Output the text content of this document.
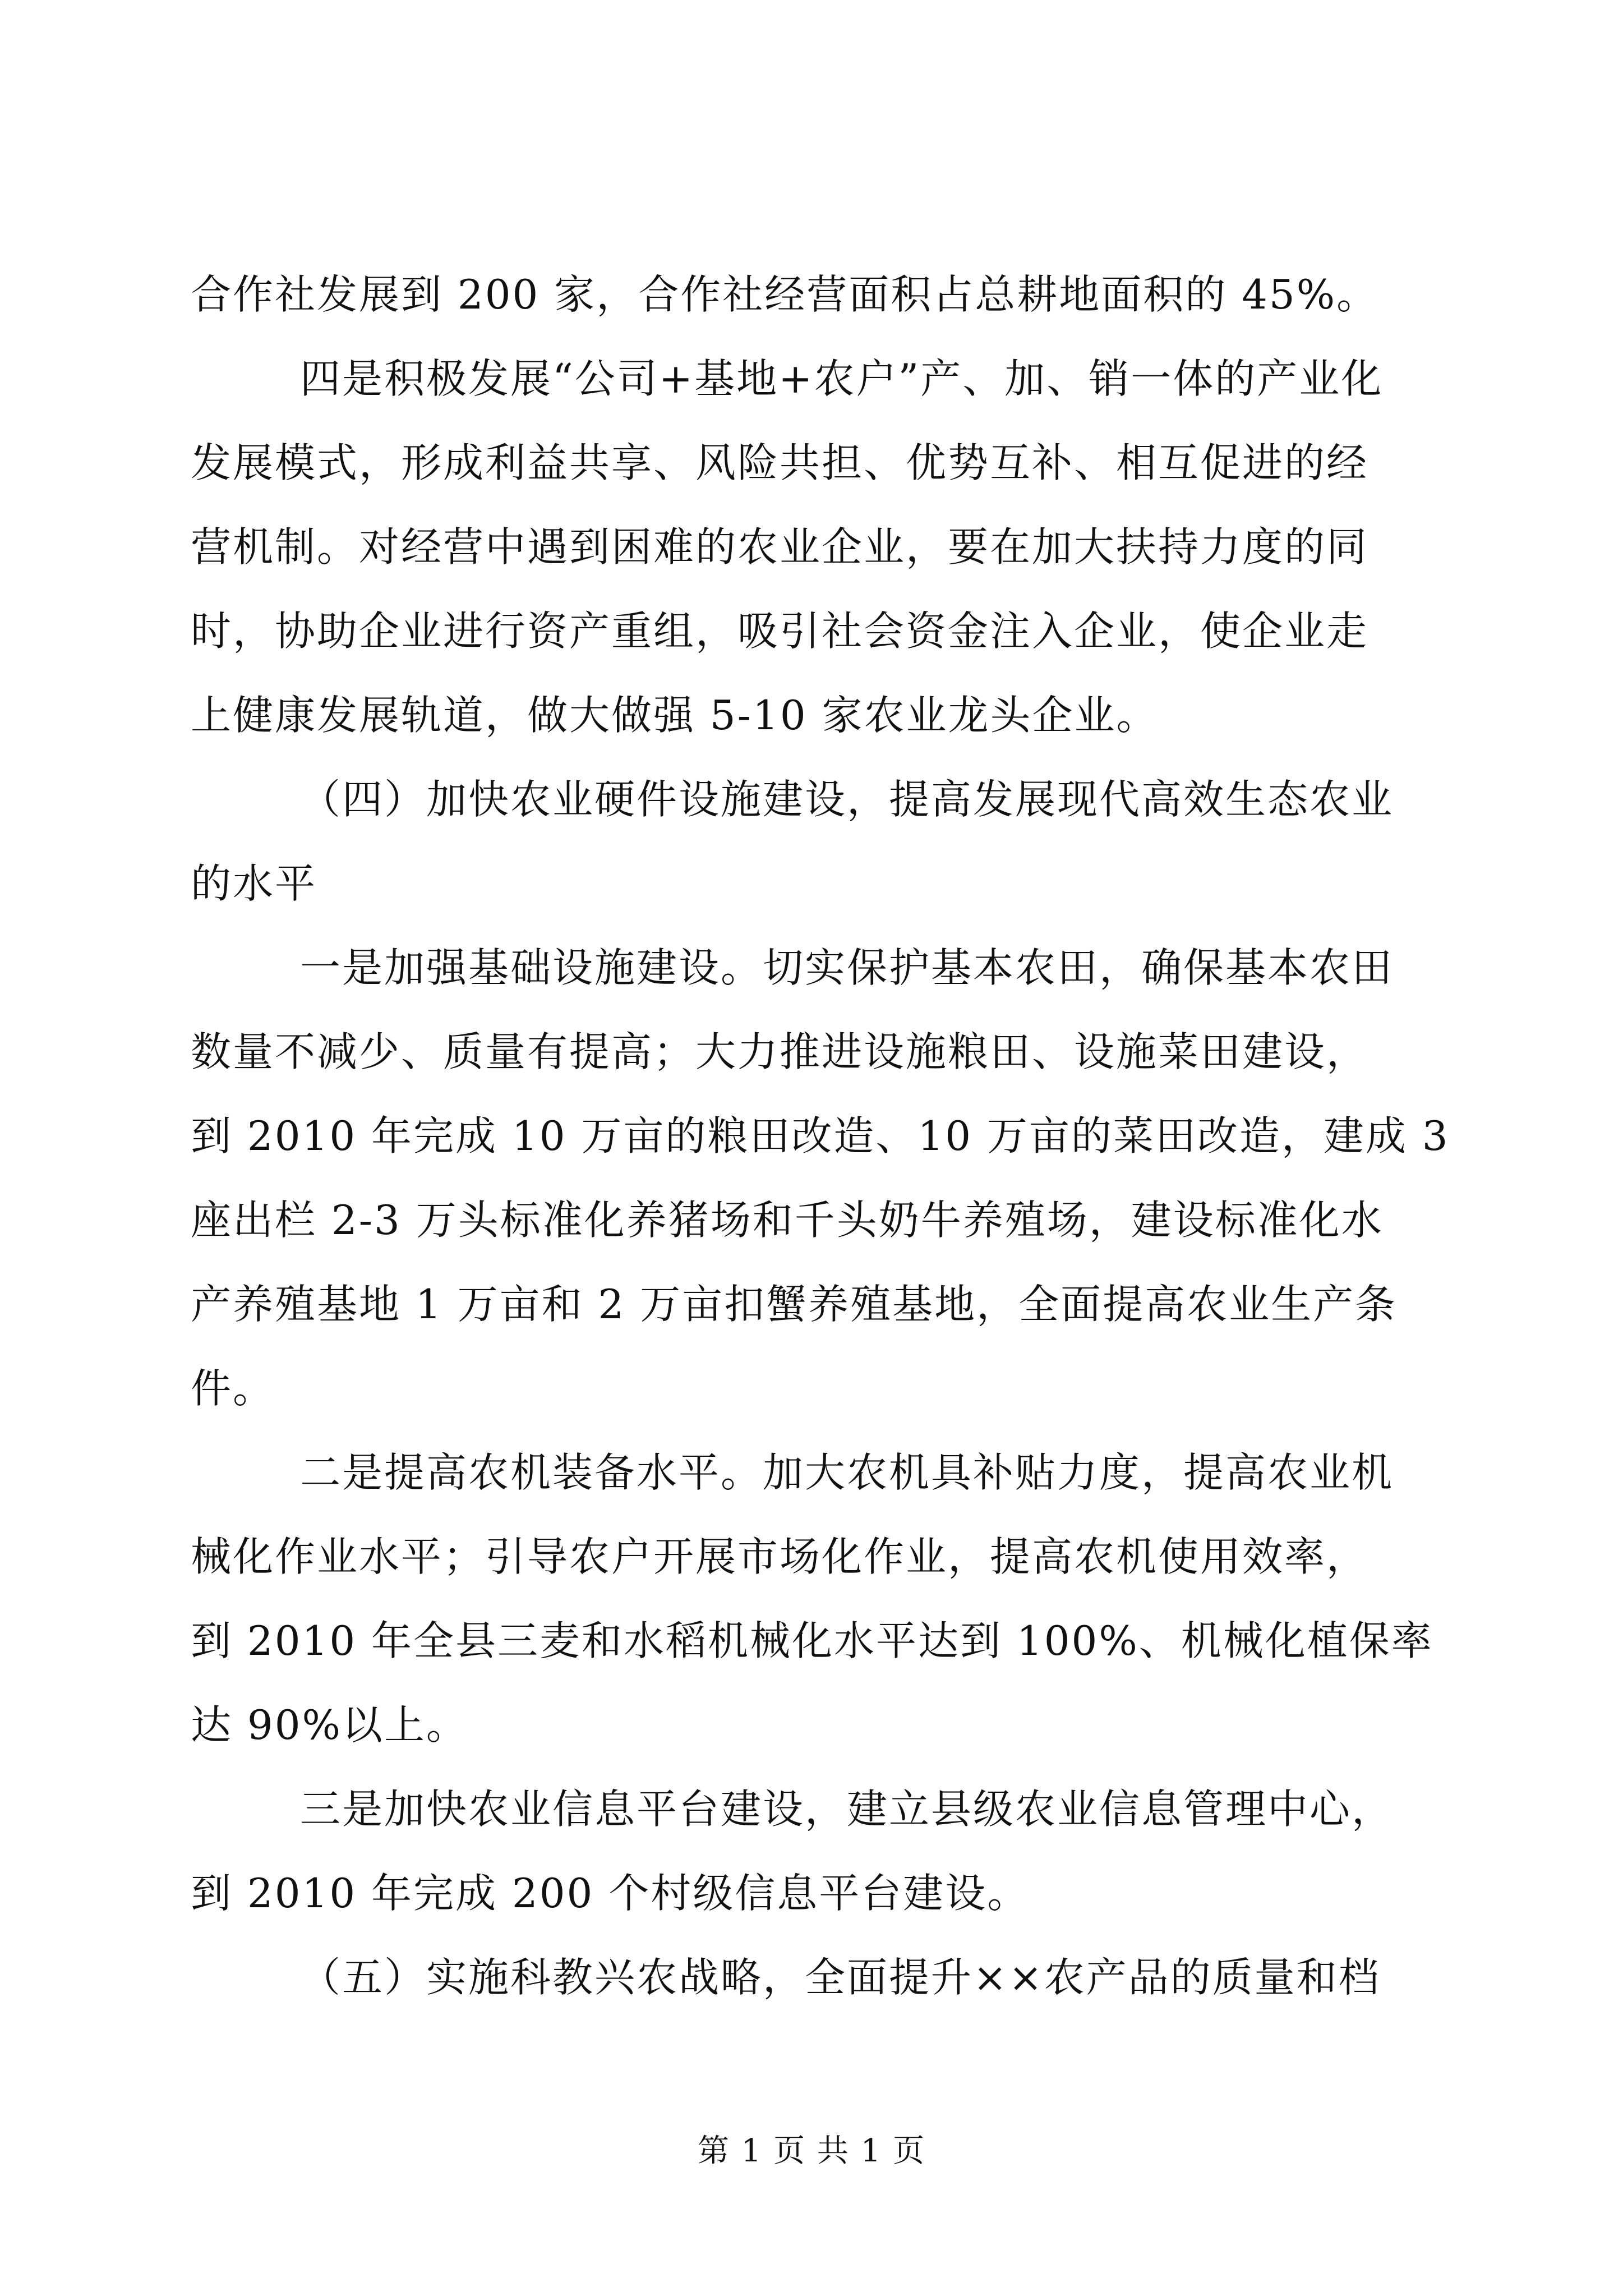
合作社发展到 200 家，合作社经营面积占总耕地面积的 45%。
四是积极发展“公司+基地+农户”产、加、销一体的产业化
发展模式，形成利益共享、风险共担、优势互补、相互促进的经
营机制。对经营中遇到困难的农业企业，要在加大扶持力度的同
时，协助企业进行资产重组，吸引社会资金注入企业，使企业走
上健康发展轨道，做大做强 5-10 家农业龙头企业。
（四）加快农业硬件设施建设，提高发展现代高效生态农业
的水平
一是加强基础设施建设。切实保护基本农田，确保基本农田
数量不减少、质量有提高；大力推进设施粮田、设施菜田建设，
到 2010 年完成 10 万亩的粮田改造、10 万亩的菜田改造，建成 3
座出栏 2-3 万头标准化养猪场和千头奶牛养殖场，建设标准化水
产养殖基地 1 万亩和 2 万亩扣蟹养殖基地，全面提高农业生产条
件。
二是提高农机装备水平。加大农机具补贴力度，提高农业机
械化作业水平；引导农户开展市场化作业，提高农机使用效率，
到 2010 年全县三麦和水稻机械化水平达到 100%、机械化植保率
达 90%以上。
三是加快农业信息平台建设，建立县级农业信息管理中心，
到 2010 年完成 200 个村级信息平台建设。
（五）实施科教兴农战略，全面提升××农产品的质量和档
第 1 页 共 1 页
